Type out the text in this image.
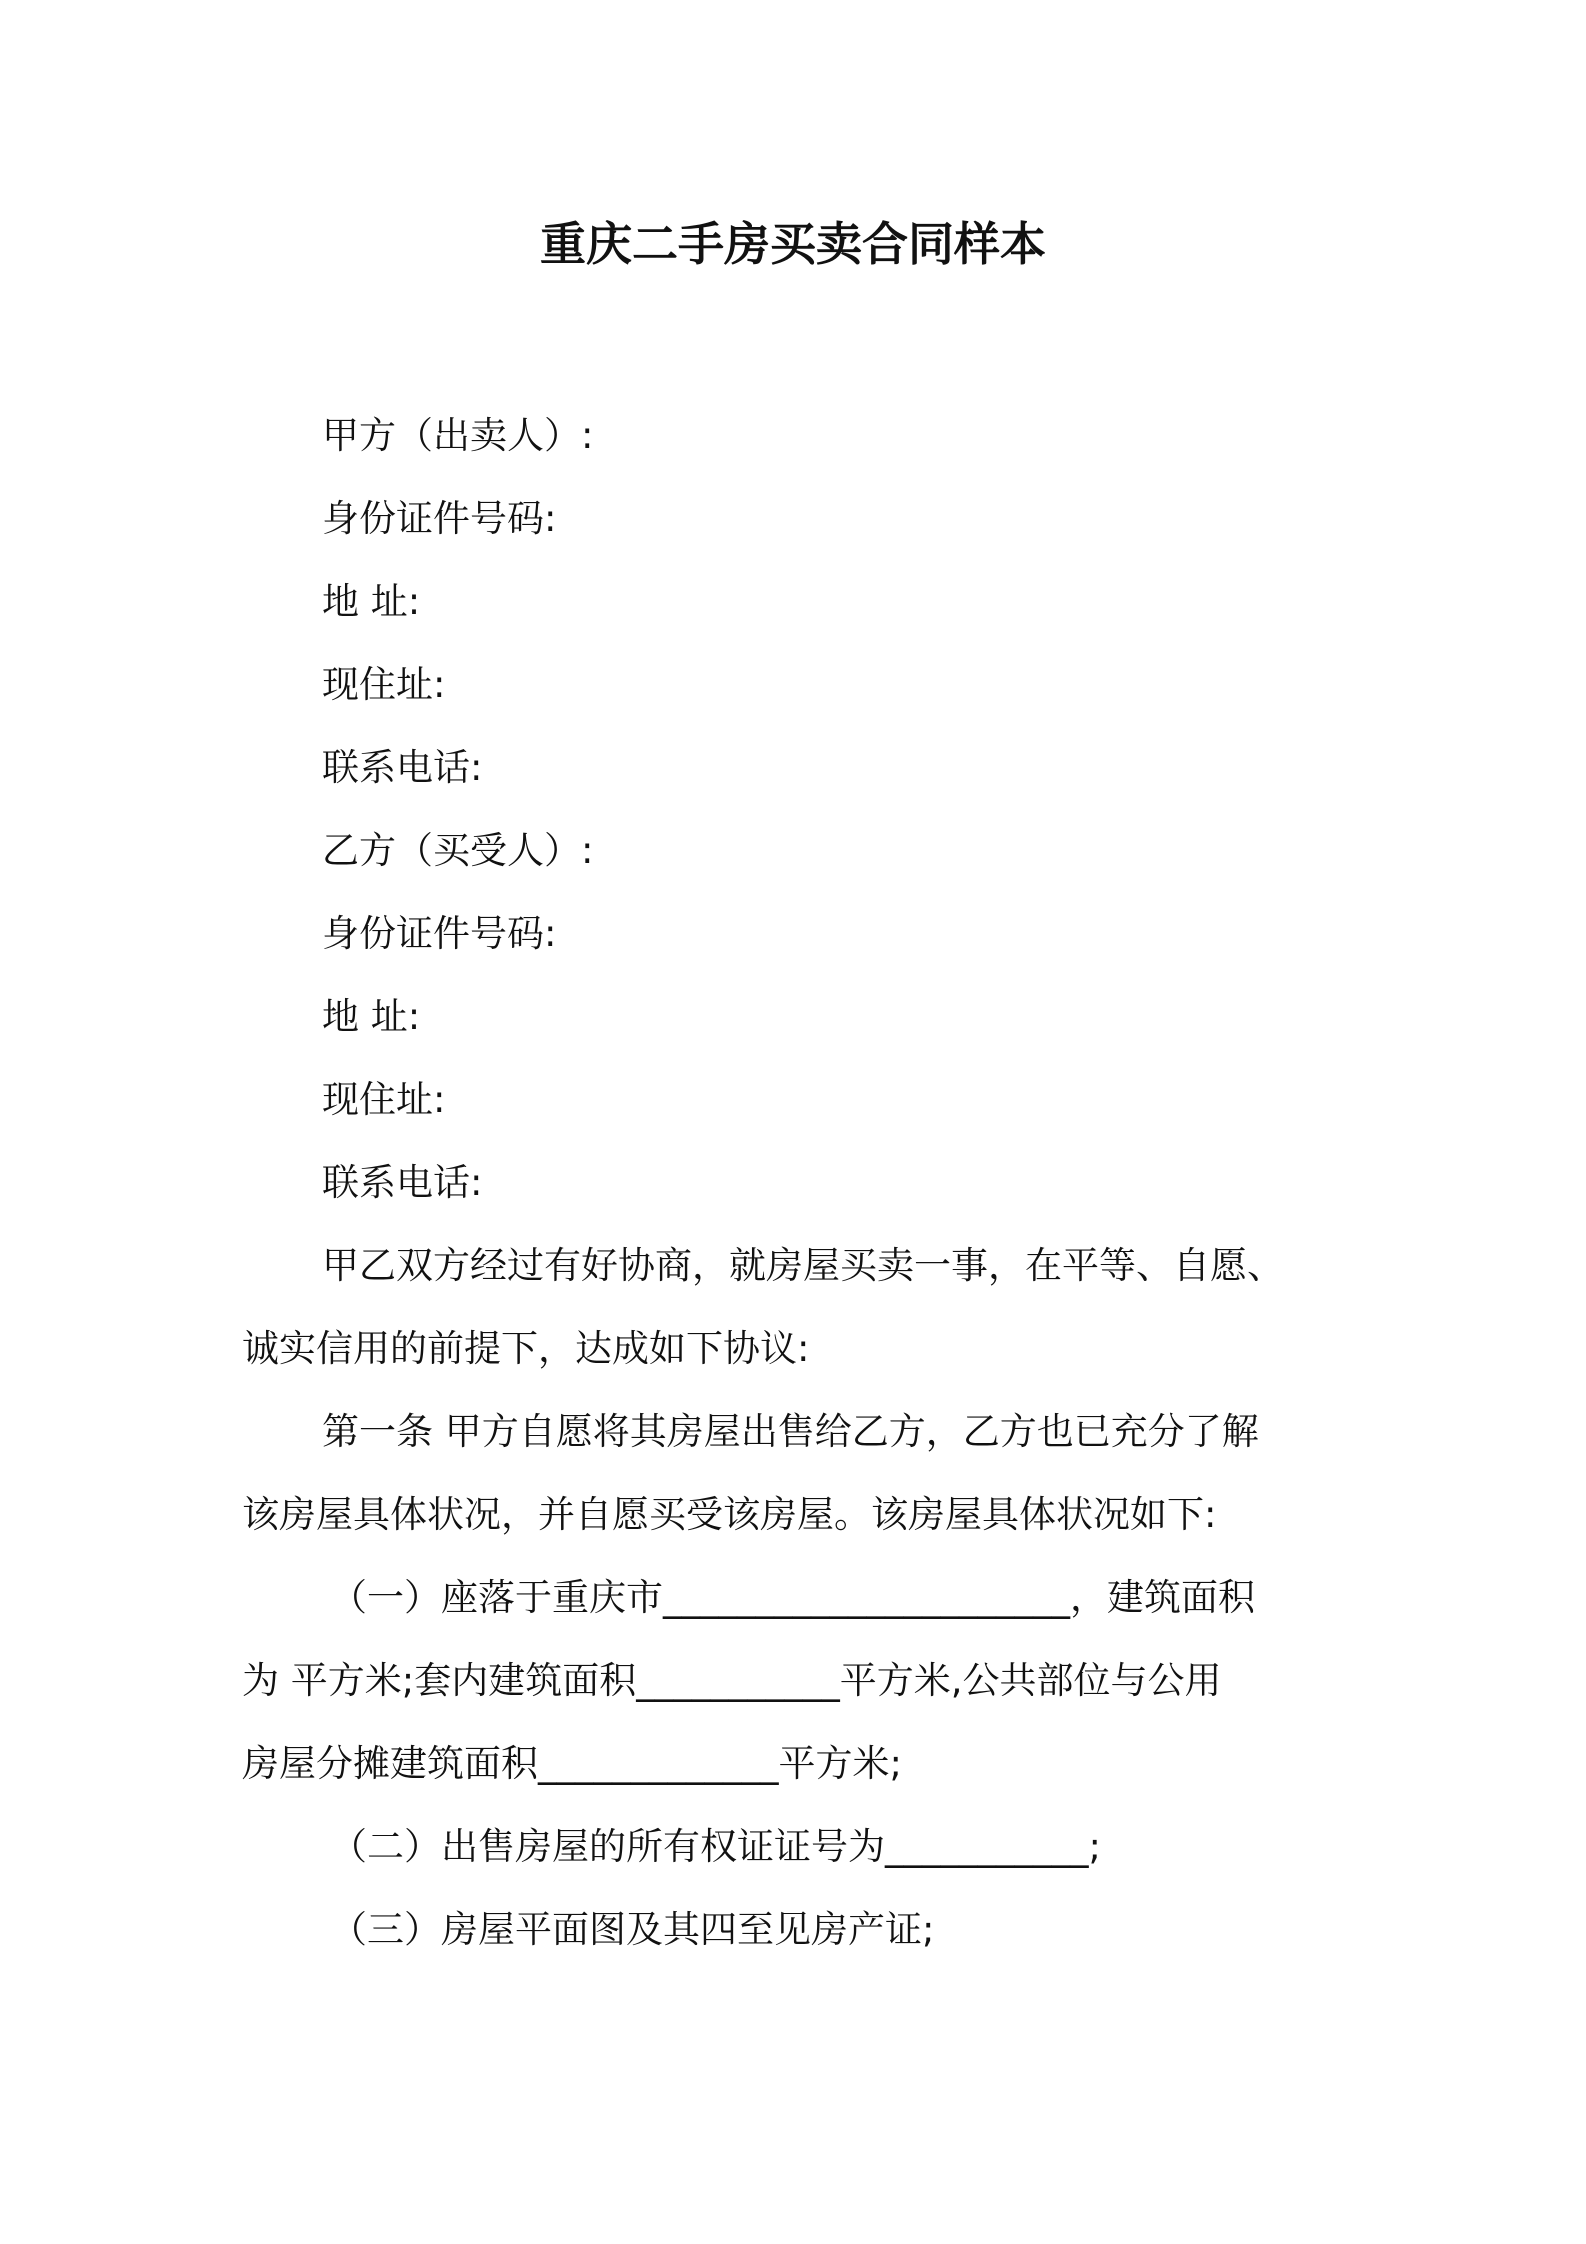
重庆二手房买卖合同样本
甲方（出卖人）:
身份证件号码:
地 址:
现住址:
联系电话:
乙方（买受人）:
身份证件号码:
地 址:
现住址:
联系电话:
甲乙双方经过有好协商，就房屋买卖一事，在平等、自愿、
诚实信用的前提下，达成如下协议:
第一条 甲方自愿将其房屋出售给乙方，乙方也已充分了解
该房屋具体状况，并自愿买受该房屋。该房屋具体状况如下:
（一）座落于重庆市______________________，建筑面积
为 平方米;套内建筑面积___________平方米,公共部位与公用
房屋分摊建筑面积_____________平方米;
（二）出售房屋的所有权证证号为___________;
（三）房屋平面图及其四至见房产证;
